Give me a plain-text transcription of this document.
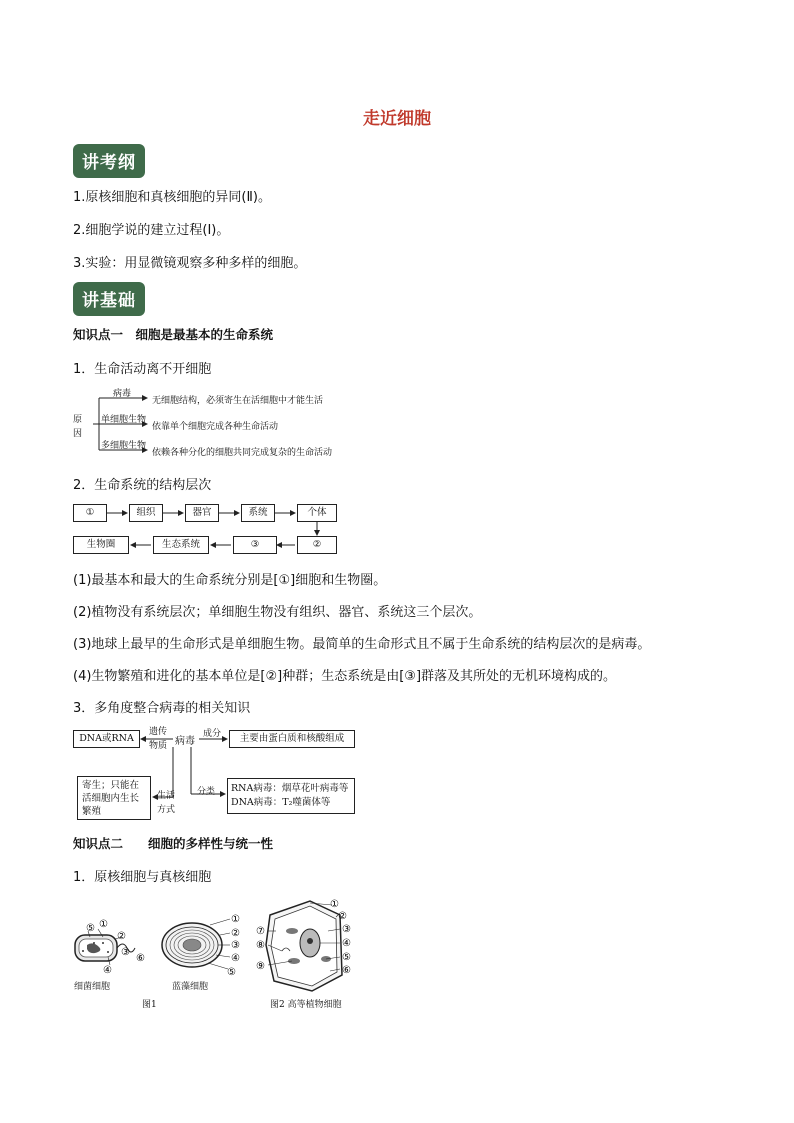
走近细胞
讲考纲
1.原核细胞和真核细胞的异同(Ⅱ)。
2.细胞学说的建立过程(Ⅰ)。
3.实验：用显微镜观察多种多样的细胞。
讲基础
知识点一　细胞是最基本的生命系统
1．生命活动离不开细胞
原
因
病毒
单细胞生物
多细胞生物
无细胞结构，必须寄生在活细胞中才能生活
依靠单个细胞完成各种生命活动
依赖各种分化的细胞共同完成复杂的生命活动
2．生命系统的结构层次
①	组织	器官	系统	个体
生物圈	生态系统	③	②
(1)最基本和最大的生命系统分别是[①]细胞和生物圈。
(2)植物没有系统层次；单细胞生物没有组织、器官、系统这三个层次。
(3)地球上最早的生命形式是单细胞生物。最简单的生命形式且不属于生命系统的结构层次的是病毒。
(4)生物繁殖和进化的基本单位是[②]种群；生态系统是由[③]群落及其所处的无机环境构成的。
3．多角度整合病毒的相关知识
DNA或RNA
遗传
物质 病毒
成分	主要由蛋白质和核酸组成
生活
方式
寄生；只能在
活细胞内生长
繁殖
分类 RNA病毒：烟草花叶病毒等
DNA病毒：T₂噬菌体等
知识点二　　细胞的多样性与统一性
1．原核细胞与真核细胞
⑤ ①
②
③
⑥
④
①
②
③
④
⑤
①
②
③
④
⑤
⑥
⑦
⑧
⑨
细菌细胞	蓝藻细胞
图1	图2 高等植物细胞
